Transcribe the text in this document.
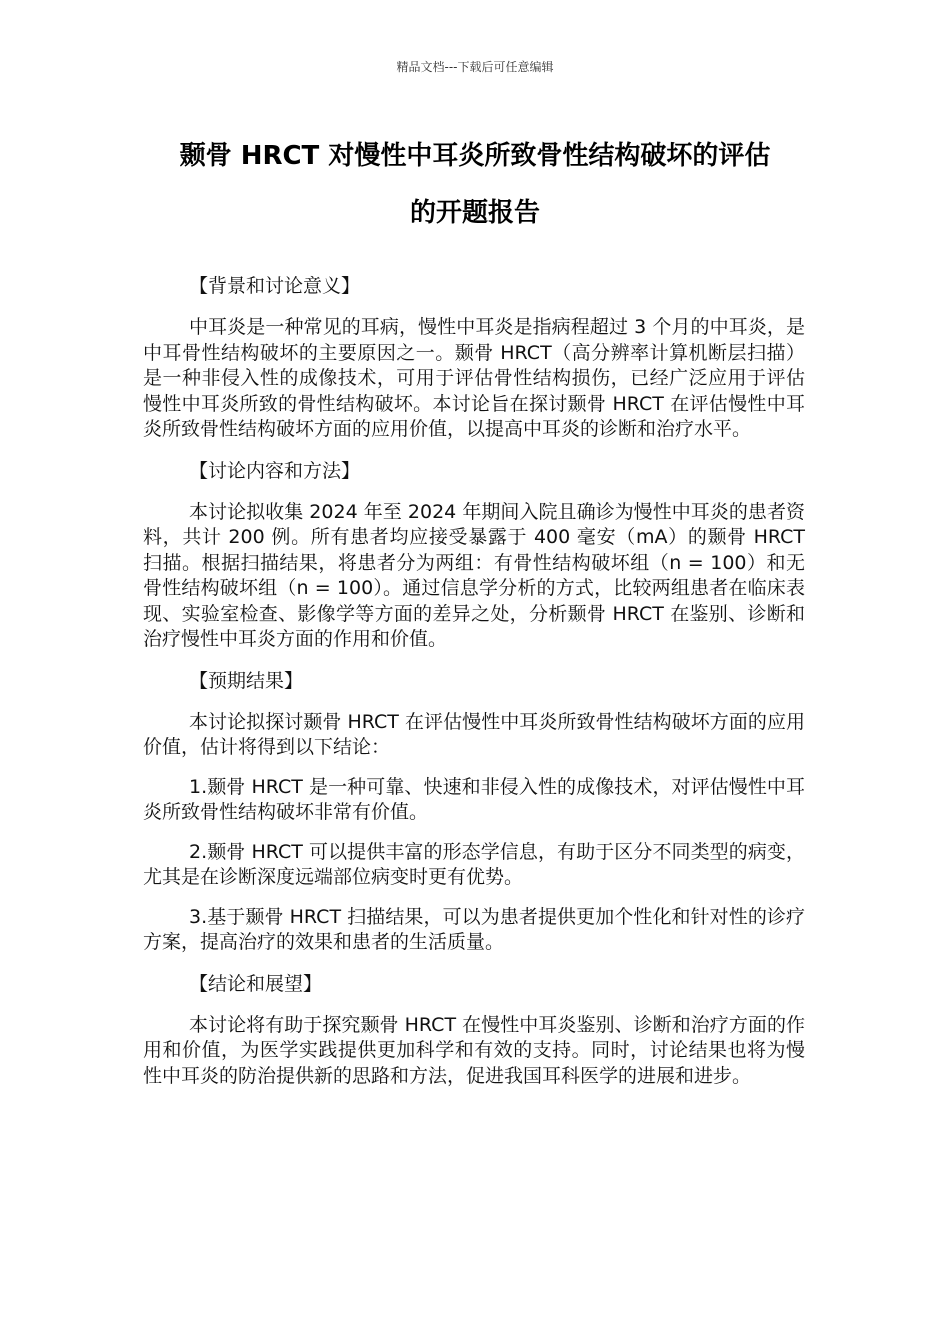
精品文档---下载后可任意编辑
颞骨 HRCT 对慢性中耳炎所致骨性结构破坏的评估
的开题报告

【背景和讨论意义】

中耳炎是一种常见的耳病，慢性中耳炎是指病程超过 3 个月的中耳炎，是中耳骨性结构破坏的主要原因之一。颞骨 HRCT（高分辨率计算机断层扫描）是一种非侵入性的成像技术，可用于评估骨性结构损伤，已经广泛应用于评估慢性中耳炎所致的骨性结构破坏。本讨论旨在探讨颞骨 HRCT 在评估慢性中耳炎所致骨性结构破坏方面的应用价值，以提高中耳炎的诊断和治疗水平。

【讨论内容和方法】

本讨论拟收集 2024 年至 2024 年期间入院且确诊为慢性中耳炎的患者资料，共计 200 例。所有患者均应接受暴露于 400 毫安（mA）的颞骨 HRCT 扫描。根据扫描结果，将患者分为两组：有骨性结构破坏组（n = 100）和无骨性结构破坏组（n = 100）。通过信息学分析的方式，比较两组患者在临床表现、实验室检查、影像学等方面的差异之处，分析颞骨 HRCT 在鉴别、诊断和治疗慢性中耳炎方面的作用和价值。

【预期结果】

本讨论拟探讨颞骨 HRCT 在评估慢性中耳炎所致骨性结构破坏方面的应用价值，估计将得到以下结论：

1.颞骨 HRCT 是一种可靠、快速和非侵入性的成像技术，对评估慢性中耳炎所致骨性结构破坏非常有价值。

2.颞骨 HRCT 可以提供丰富的形态学信息，有助于区分不同类型的病变，尤其是在诊断深度远端部位病变时更有优势。

3.基于颞骨 HRCT 扫描结果，可以为患者提供更加个性化和针对性的诊疗方案，提高治疗的效果和患者的生活质量。

【结论和展望】

本讨论将有助于探究颞骨 HRCT 在慢性中耳炎鉴别、诊断和治疗方面的作用和价值，为医学实践提供更加科学和有效的支持。同时，讨论结果也将为慢性中耳炎的防治提供新的思路和方法，促进我国耳科医学的进展和进步。
